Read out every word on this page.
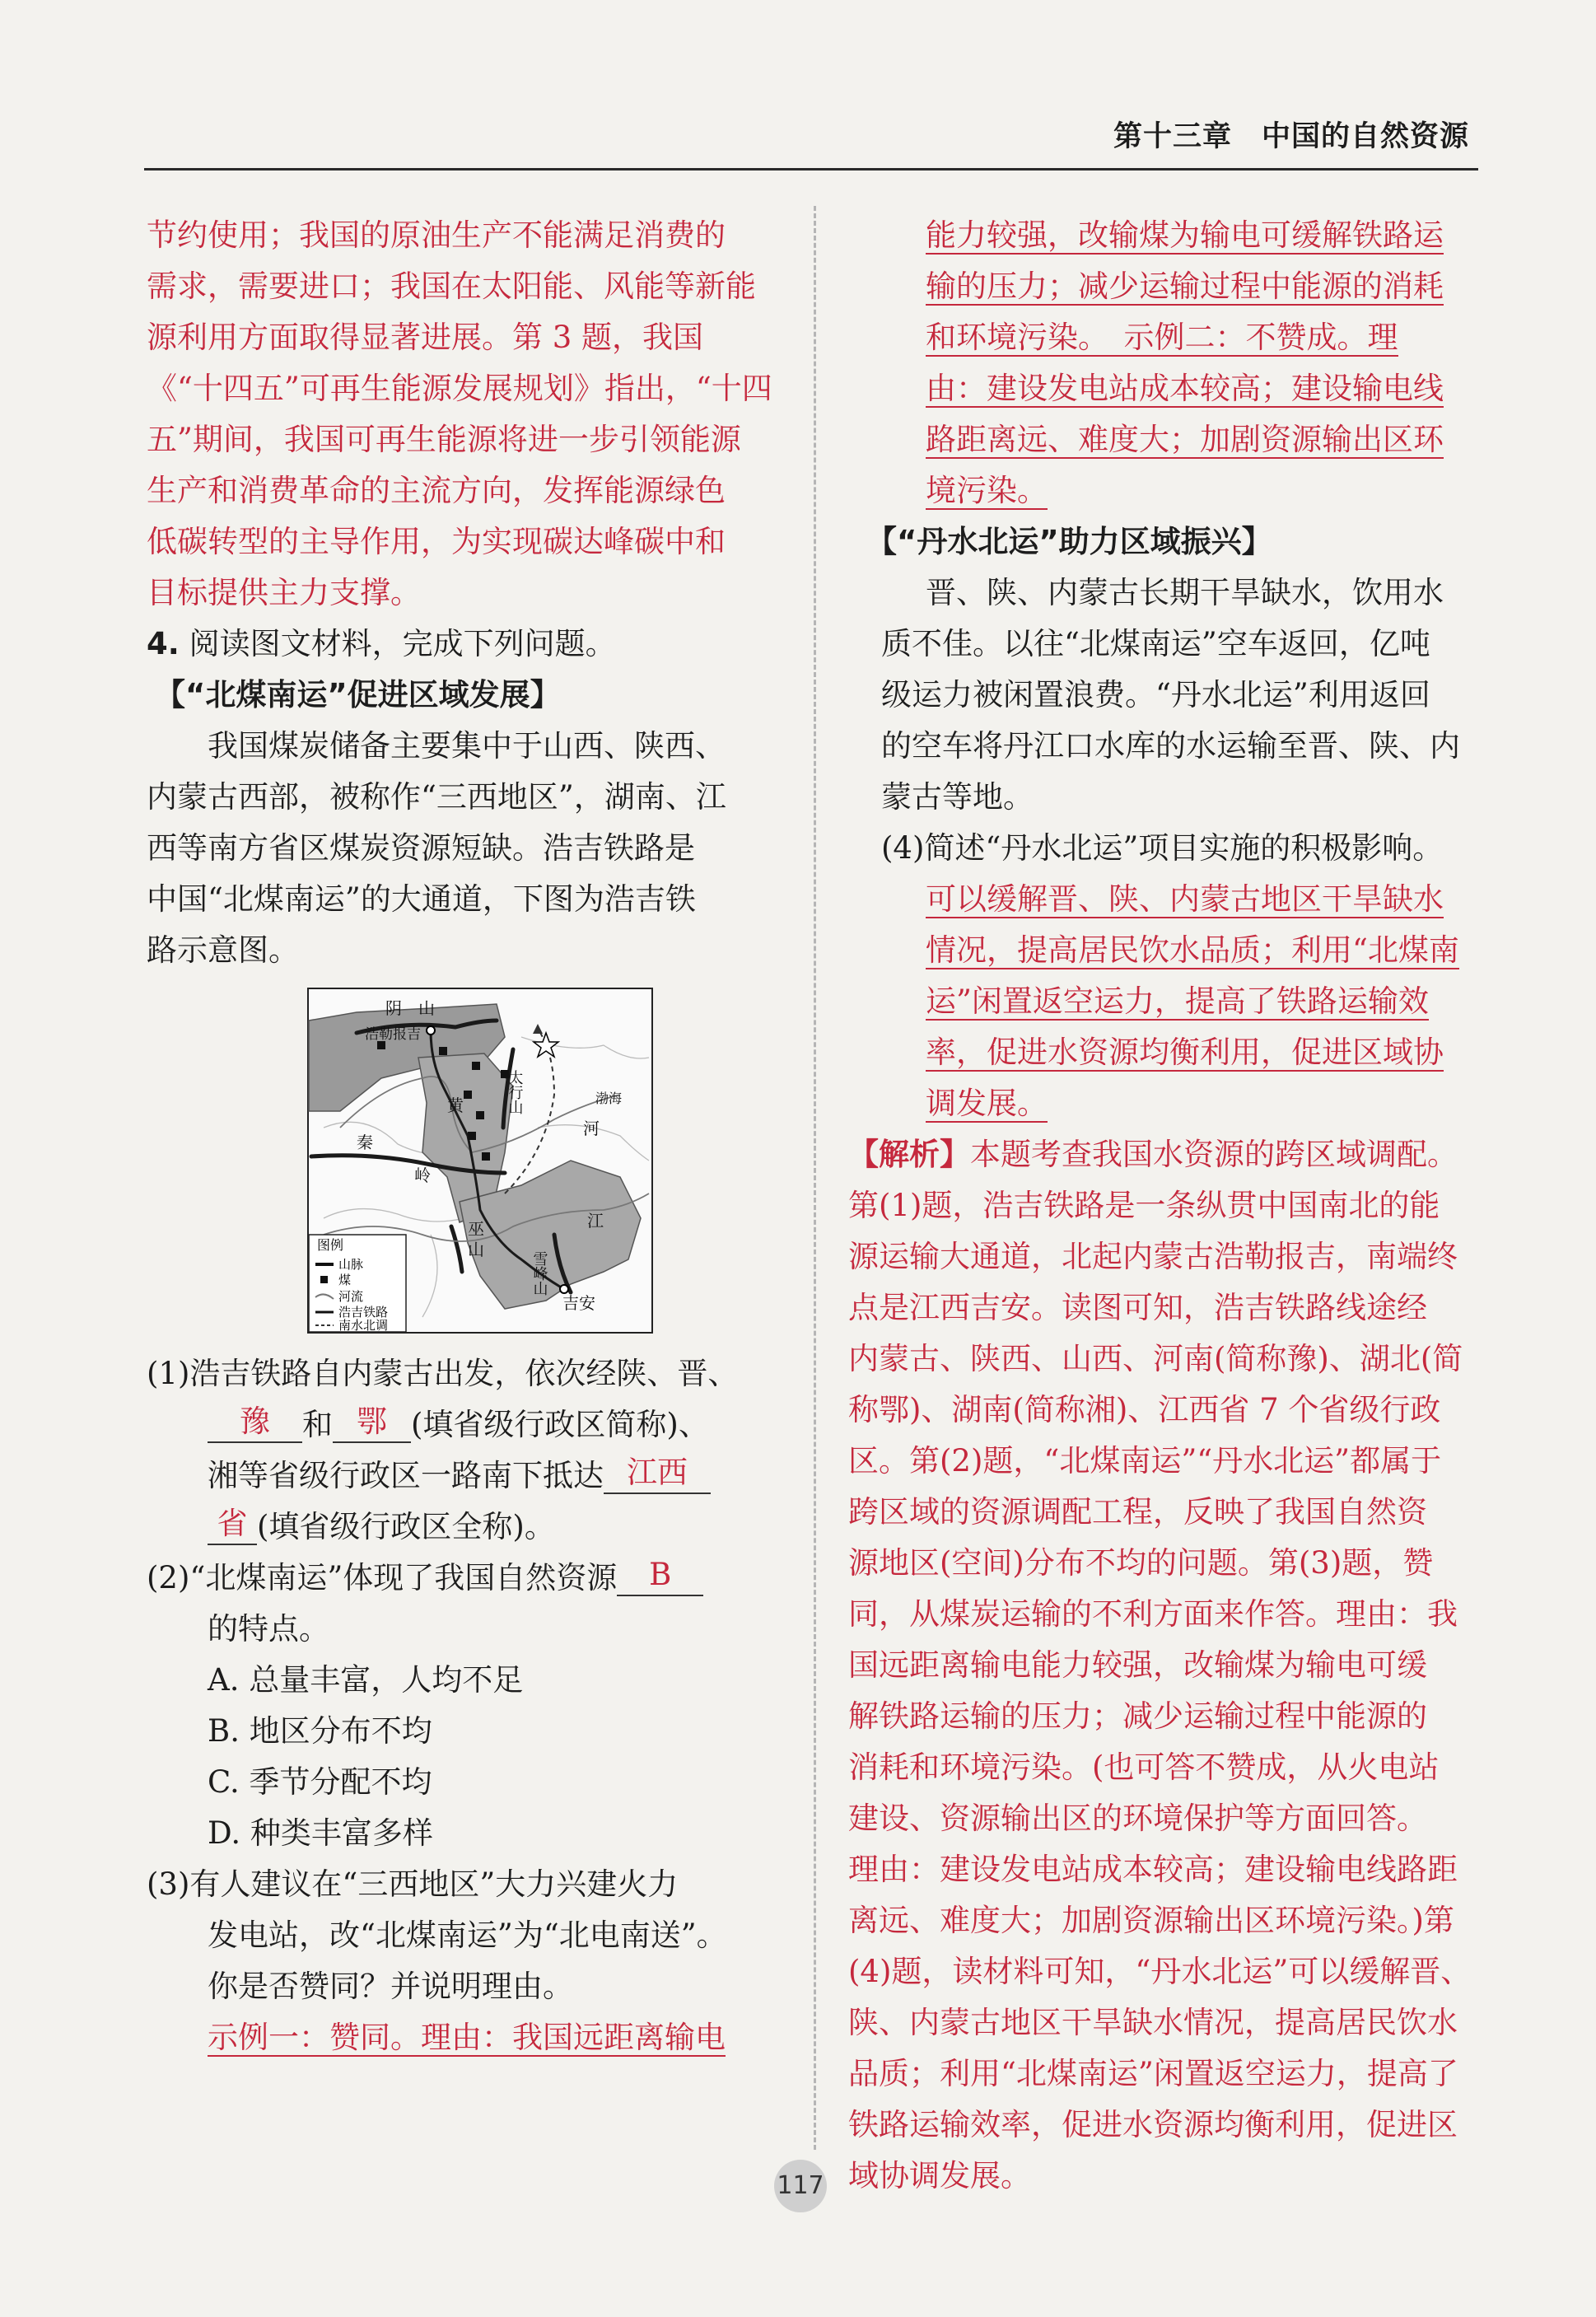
第十三章　中国的自然资源
节约使用；我国的原油生产不能满足消费的
需求，需要进口；我国在太阳能、风能等新能
源利用方面取得显著进展。第 3 题，我国
《“十四五”可再生能源发展规划》指出，“十四
五”期间，我国可再生能源将进一步引领能源
生产和消费革命的主流方向，发挥能源绿色
低碳转型的主导作用，为实现碳达峰碳中和
目标提供主力支撑。
4. 阅读图文材料，完成下列问题。
【“北煤南运”促进区域发展】
我国煤炭储备主要集中于山西、陕西、
内蒙古西部，被称作“三西地区”，湖南、江
西等南方省区煤炭资源短缺。浩吉铁路是
中国“北煤南运”的大通道，下图为浩吉铁
路示意图。
阴　山
浩勒报吉
渤海
黄
河
秦
岭
巫
山
江
吉安
太行山
雪峰山
图例
山脉
煤
河流
浩吉铁路
南水北调
(1)浩吉铁路自内蒙古出发，依次经陕、晋、
豫 和 鄂 (填省级行政区简称)、
湘等省级行政区一路南下抵达 江西
省 (填省级行政区全称)。
(2)“北煤南运”体现了我国自然资源 B
的特点。
A. 总量丰富，人均不足
B. 地区分布不均
C. 季节分配不均
D. 种类丰富多样
(3)有人建议在“三西地区”大力兴建火力
发电站，改“北煤南运”为“北电南送”。
你是否赞同？并说明理由。
示例一：赞同。理由：我国远距离输电
能力较强，改输煤为输电可缓解铁路运
输的压力；减少运输过程中能源的消耗
和环境污染。　示例二：不赞成。理
由：建设发电站成本较高；建设输电线
路距离远、难度大；加剧资源输出区环
境污染。
【“丹水北运”助力区域振兴】
晋、陕、内蒙古长期干旱缺水，饮用水
质不佳。以往“北煤南运”空车返回，亿吨
级运力被闲置浪费。“丹水北运”利用返回
的空车将丹江口水库的水运输至晋、陕、内
蒙古等地。
(4)简述“丹水北运”项目实施的积极影响。
可以缓解晋、陕、内蒙古地区干旱缺水
情况，提高居民饮水品质；利用“北煤南
运”闲置返空运力，提高了铁路运输效
率，促进水资源均衡利用，促进区域协
调发展。
【解析】本题考查我国水资源的跨区域调配。
第(1)题，浩吉铁路是一条纵贯中国南北的能
源运输大通道，北起内蒙古浩勒报吉，南端终
点是江西吉安。读图可知，浩吉铁路线途经
内蒙古、陕西、山西、河南(简称豫)、湖北(简
称鄂)、湖南(简称湘)、江西省 7 个省级行政
区。第(2)题，“北煤南运”“丹水北运”都属于
跨区域的资源调配工程，反映了我国自然资
源地区(空间)分布不均的问题。第(3)题，赞
同，从煤炭运输的不利方面来作答。理由：我
国远距离输电能力较强，改输煤为输电可缓
解铁路运输的压力；减少运输过程中能源的
消耗和环境污染。(也可答不赞成，从火电站
建设、资源输出区的环境保护等方面回答。
理由：建设发电站成本较高；建设输电线路距
离远、难度大；加剧资源输出区环境污染。)第
(4)题，读材料可知，“丹水北运”可以缓解晋、
陕、内蒙古地区干旱缺水情况，提高居民饮水
品质；利用“北煤南运”闲置返空运力，提高了
铁路运输效率，促进水资源均衡利用，促进区
域协调发展。
117
